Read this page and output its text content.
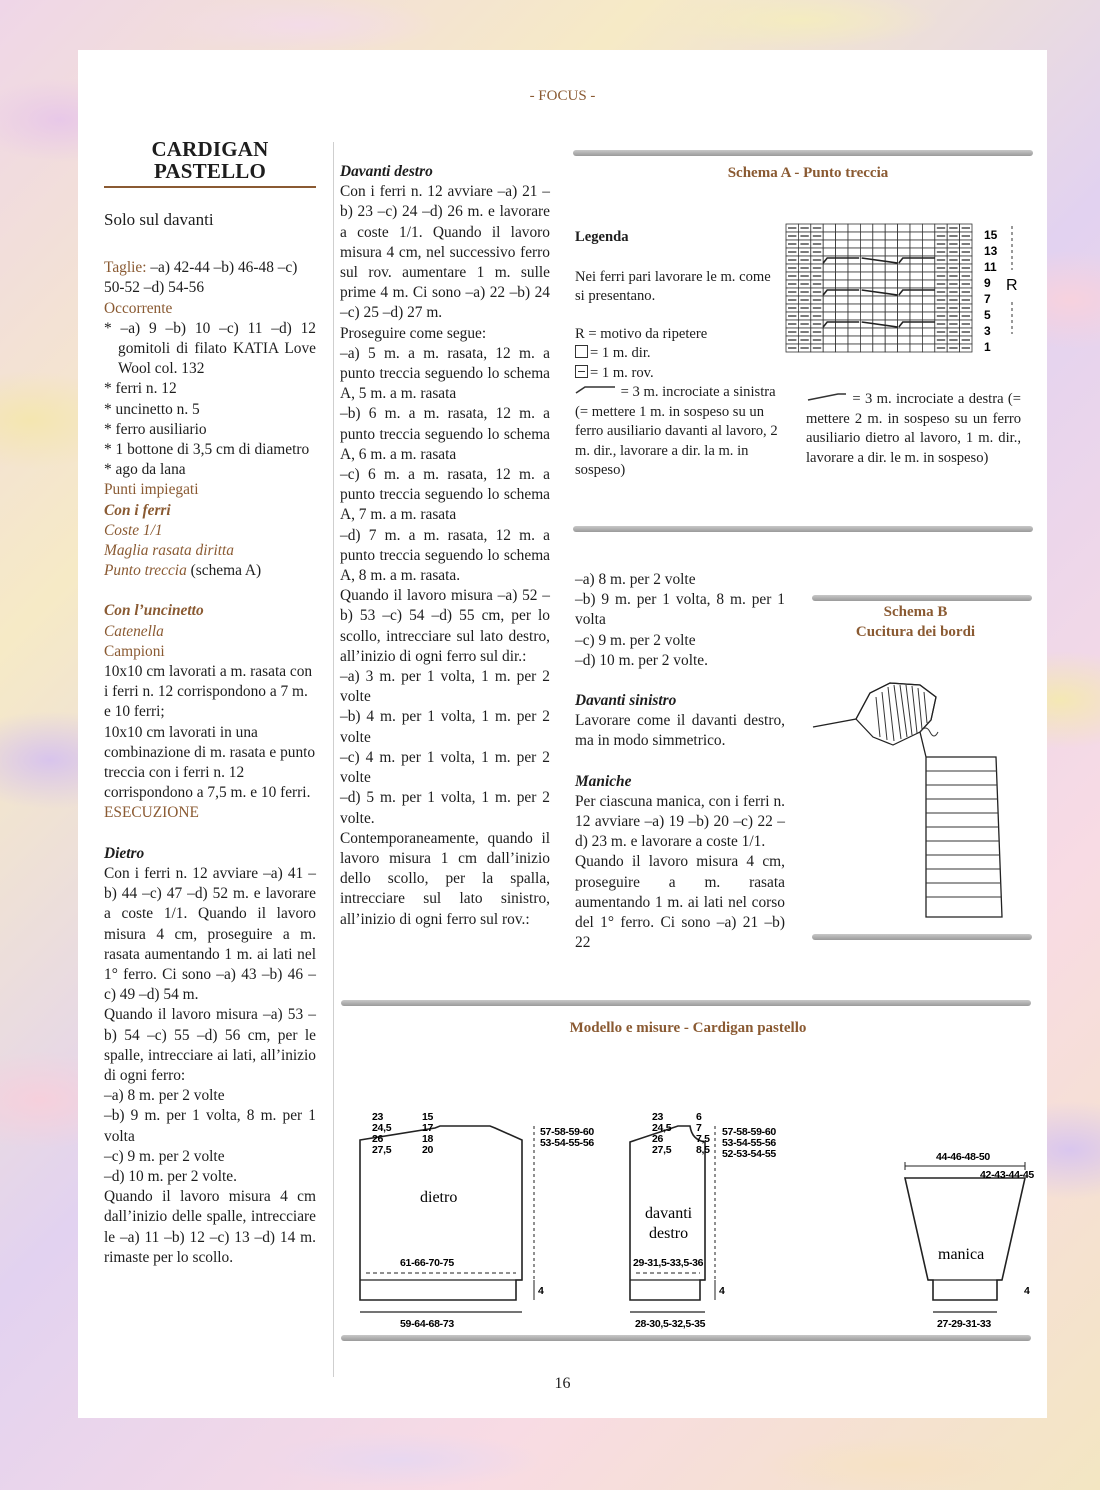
- FOCUS -
CARDIGAN
PASTELLO

Solo sul davanti

Taglie: –a) 42-44 –b) 46-48 –c) 50-52 –d) 54-56

Occorrente

* –a) 9 –b) 10 –c) 11 –d) 12 gomitoli di filato KATIA Love Wool col. 132

* ferri n. 12

* uncinetto n. 5

* ferro ausiliario

* 1 bottone di 3,5 cm di diametro

* ago da lana

Punti impiegati

Con i ferri

Coste 1/1

Maglia rasata diritta

Punto treccia (schema A)

Con l’uncinetto

Catenella

Campioni

10x10 cm lavorati a m. rasata con i ferri n. 12 corrispondono a 7 m. e 10 ferri;

10x10 cm lavorati in una combinazione di m. rasata e punto treccia con i ferri n. 12 corrispondono a 7,5 m. e 10 ferri.

ESECUZIONE

Dietro

Con i ferri n. 12 avviare –a) 41 –b) 44 –c) 47 –d) 52 m. e lavorare a coste 1/1. Quando il lavoro misura 4 cm, proseguire a m. rasata aumentando 1 m. ai lati nel 1° ferro. Ci sono –a) 43 –b) 46 –c) 49 –d) 54 m.

Quando il lavoro misura –a) 53 –b) 54 –c) 55 –d) 56 cm, per le spalle, intrecciare ai lati, all’inizio di ogni ferro:

–a) 8 m. per 2 volte

–b) 9 m. per 1 volta, 8 m. per 1 volta

–c) 9 m. per 2 volte

–d) 10 m. per 2 volte.

Quando il lavoro misura 4 cm dall’inizio delle spalle, intrecciare le –a) 11 –b) 12 –c) 13 –d) 14 m. rimaste per lo scollo.

Davanti destro

Con i ferri n. 12 avviare –a) 21 –b) 23 –c) 24 –d) 26 m. e lavorare a coste 1/1. Quando il lavoro misura 4 cm, nel successivo ferro sul rov. aumentare 1 m. sulle prime 4 m. Ci sono –a) 22 –b) 24 –c) 25 –d) 27 m.

Proseguire come segue:

–a) 5 m. a m. rasata, 12 m. a punto treccia seguendo lo schema A, 5 m. a m. rasata

–b) 6 m. a m. rasata, 12 m. a punto treccia seguendo lo schema A, 6 m. a m. rasata

–c) 6 m. a m. rasata, 12 m. a punto treccia seguendo lo schema A, 7 m. a m. rasata

–d) 7 m. a m. rasata, 12 m. a punto treccia seguendo lo schema A, 8 m. a m. rasata.

Quando il lavoro misura –a) 52 –b) 53 –c) 54 –d) 55 cm, per lo scollo, intrecciare sul lato destro, all’inizio di ogni ferro sul dir.:

–a) 3 m. per 1 volta, 1 m. per 2 volte

–b) 4 m. per 1 volta, 1 m. per 2 volte

–c) 4 m. per 1 volta, 1 m. per 2 volte

–d) 5 m. per 1 volta, 1 m. per 2 volte.

Contemporaneamente, quando il lavoro misura 1 cm dall’inizio dello scollo, per la spalla, intrecciare sul lato sinistro, all’inizio di ogni ferro sul rov.:

Schema A - Punto treccia

Legenda

Nei ferri pari lavorare le m. come si presentano.

R = motivo da ripetere

= 1 m. dir.

= 1 m. rov.

= 3 m. incrociate a sinistra (= mettere 1 m. in sospeso su un ferro ausiliario davanti al lavoro, 2 m. dir., lavorare a dir. la m. in sospeso)

= 3 m. incrociate a destra (= mettere 2 m. in sospeso su un ferro ausiliario dietro al lavoro, 1 m. dir., lavorare a dir. le m. in sospeso)

15
13
11
9
7
5
3
1
R

–a) 8 m. per 2 volte

–b) 9 m. per 1 volta, 8 m. per 1 volta

–c) 9 m. per 2 volte

–d) 10 m. per 2 volte.

Davanti sinistro

Lavorare come il davanti destro, ma in modo simmetrico.

Maniche

Per ciascuna manica, con i ferri n. 12 avviare –a) 19 –b) 20 –c) 22 –d) 23 m. e lavorare a coste 1/1.

Quando il lavoro misura 4 cm, proseguire a m. rasata aumentando 1 m. ai lati nel corso del 1° ferro. Ci sono –a) 21 –b) 22

Schema B
Cucitura dei bordi
Modello e misure - Cardigan pastello
dietro
23
24,5
26
27,5
15
17
18
20
57-58-59-60
53-54-55-56
61-66-70-75
4
59-64-68-73
davanti
destro
23
24,5
26
27,5
6
7
7,5
8,5
57-58-59-60
53-54-55-56
52-53-54-55
29-31,5-33,5-36
4
28-30,5-32,5-35
manica
44-46-48-50
42-43-44-45
4
27-29-31-33
16
